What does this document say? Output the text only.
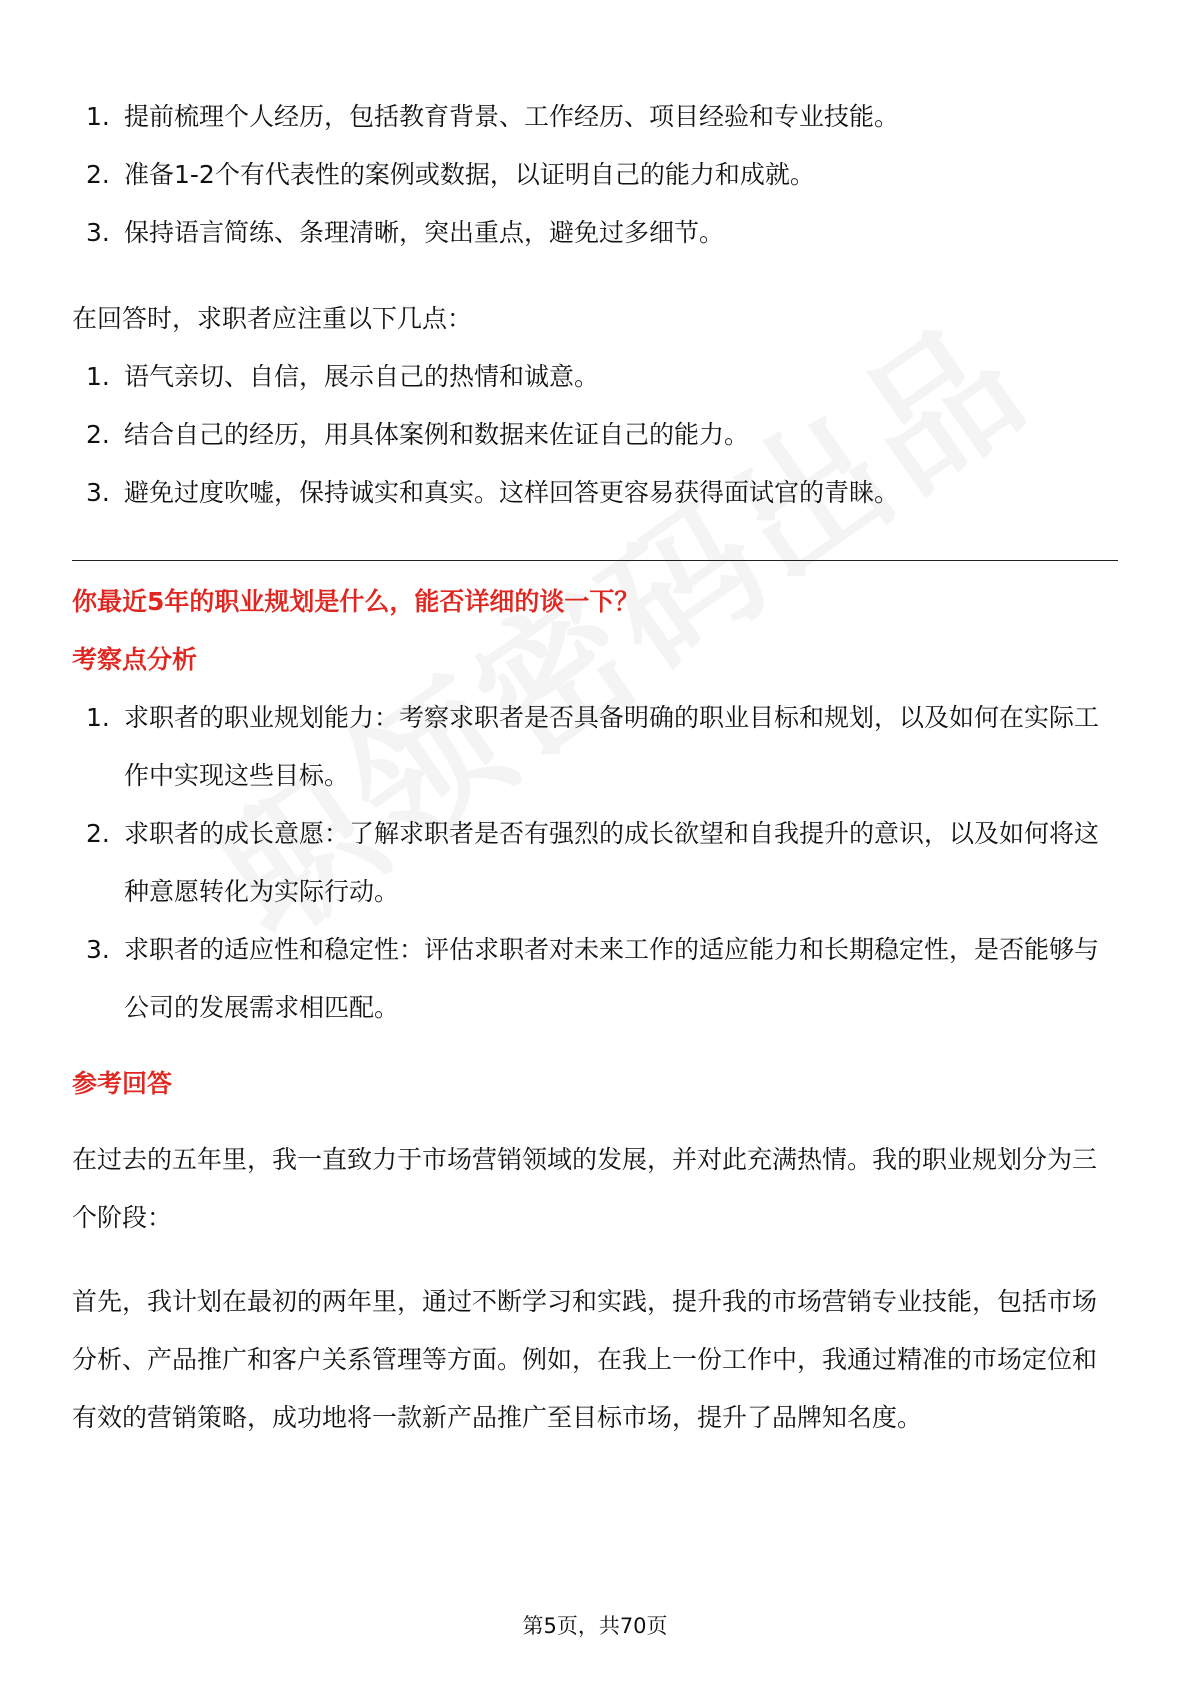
1. 提前梳理个人经历，包括教育背景、工作经历、项目经验和专业技能。
2. 准备1-2个有代表性的案例或数据，以证明自己的能力和成就。
3. 保持语言简练、条理清晰，突出重点，避免过多细节。

在回答时，求职者应注重以下几点：

1. 语气亲切、自信，展示自己的热情和诚意。
2. 结合自己的经历，用具体案例和数据来佐证自己的能力。
3. 避免过度吹嘘，保持诚实和真实。这样回答更容易获得面试官的青睐。
你最近5年的职业规划是什么，能否详细的谈一下？
考察点分析
1. 求职者的职业规划能力：考察求职者是否具备明确的职业目标和规划，以及如何在实际工作中实现这些目标。
2. 求职者的成长意愿：了解求职者是否有强烈的成长欲望和自我提升的意识，以及如何将这种意愿转化为实际行动。
3. 求职者的适应性和稳定性：评估求职者对未来工作的适应能力和长期稳定性，是否能够与公司的发展需求相匹配。
参考回答

在过去的五年里，我一直致力于市场营销领域的发展，并对此充满热情。我的职业规划分为三个阶段：

首先，我计划在最初的两年里，通过不断学习和实践，提升我的市场营销专业技能，包括市场分析、产品推广和客户关系管理等方面。例如，在我上一份工作中，我通过精准的市场定位和有效的营销策略，成功地将一款新产品推广至目标市场，提升了品牌知名度。

第5页，共70页
